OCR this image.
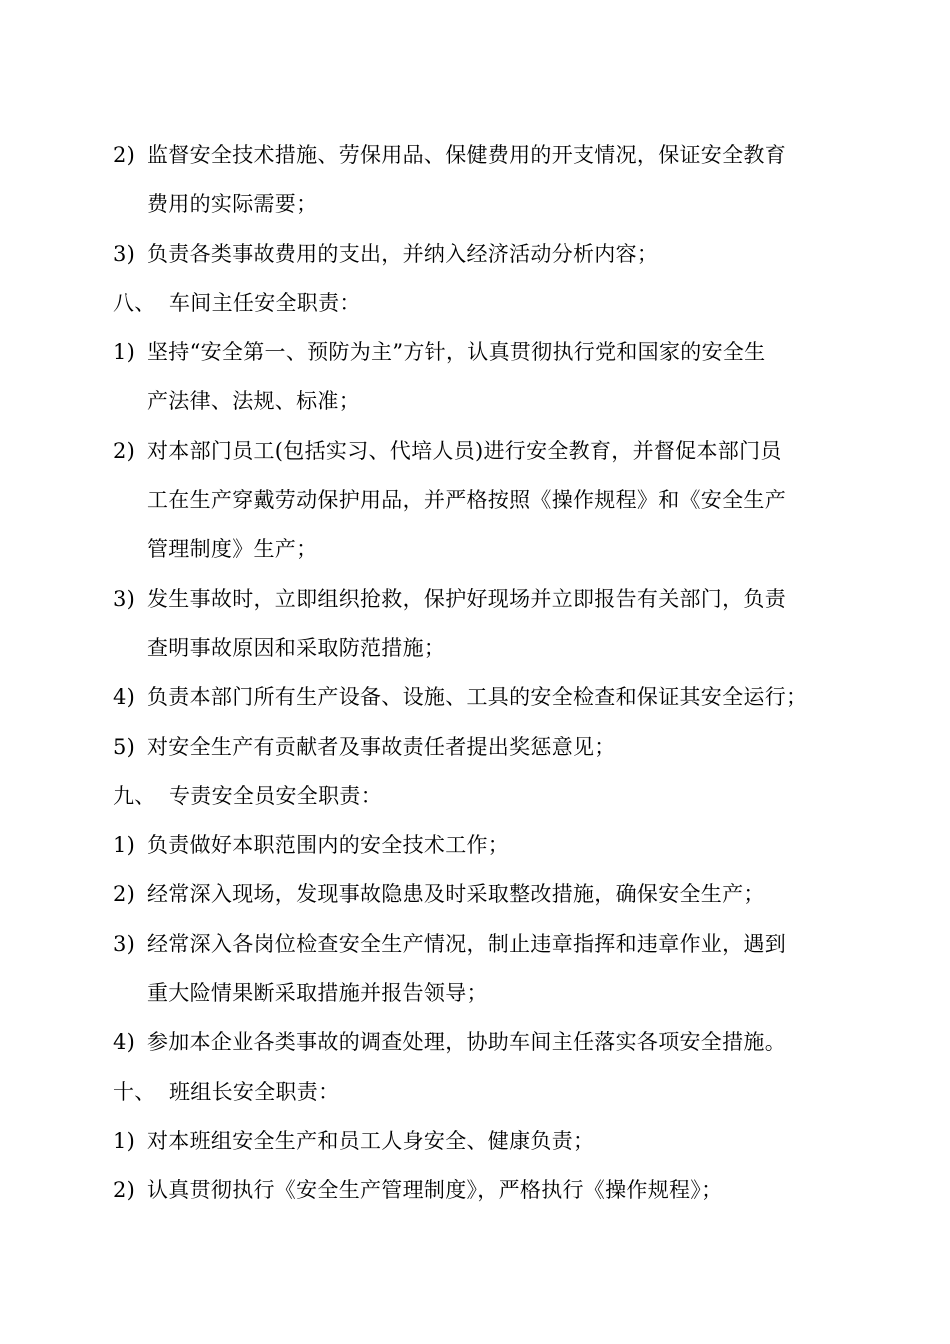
2) 监督安全技术措施、劳保用品、保健费用的开支情况，保证安全教育
费用的实际需要；
3) 负责各类事故费用的支出，并纳入经济活动分析内容；
八、 车间主任安全职责：
1) 坚持“安全第一、预防为主”方针，认真贯彻执行党和国家的安全生
产法律、法规、标准；
2) 对本部门员工(包括实习、代培人员)进行安全教育，并督促本部门员
工在生产穿戴劳动保护用品，并严格按照《操作规程》和《安全生产
管理制度》生产；
3) 发生事故时，立即组织抢救，保护好现场并立即报告有关部门，负责
查明事故原因和采取防范措施；
4) 负责本部门所有生产设备、设施、工具的安全检查和保证其安全运行；
5) 对安全生产有贡献者及事故责任者提出奖惩意见；
九、 专责安全员安全职责：
1) 负责做好本职范围内的安全技术工作；
2) 经常深入现场，发现事故隐患及时采取整改措施，确保安全生产；
3) 经常深入各岗位检查安全生产情况，制止违章指挥和违章作业，遇到
重大险情果断采取措施并报告领导；
4) 参加本企业各类事故的调查处理，协助车间主任落实各项安全措施。
十、 班组长安全职责：
1) 对本班组安全生产和员工人身安全、健康负责；
2) 认真贯彻执行《安全生产管理制度》，严格执行《操作规程》；
